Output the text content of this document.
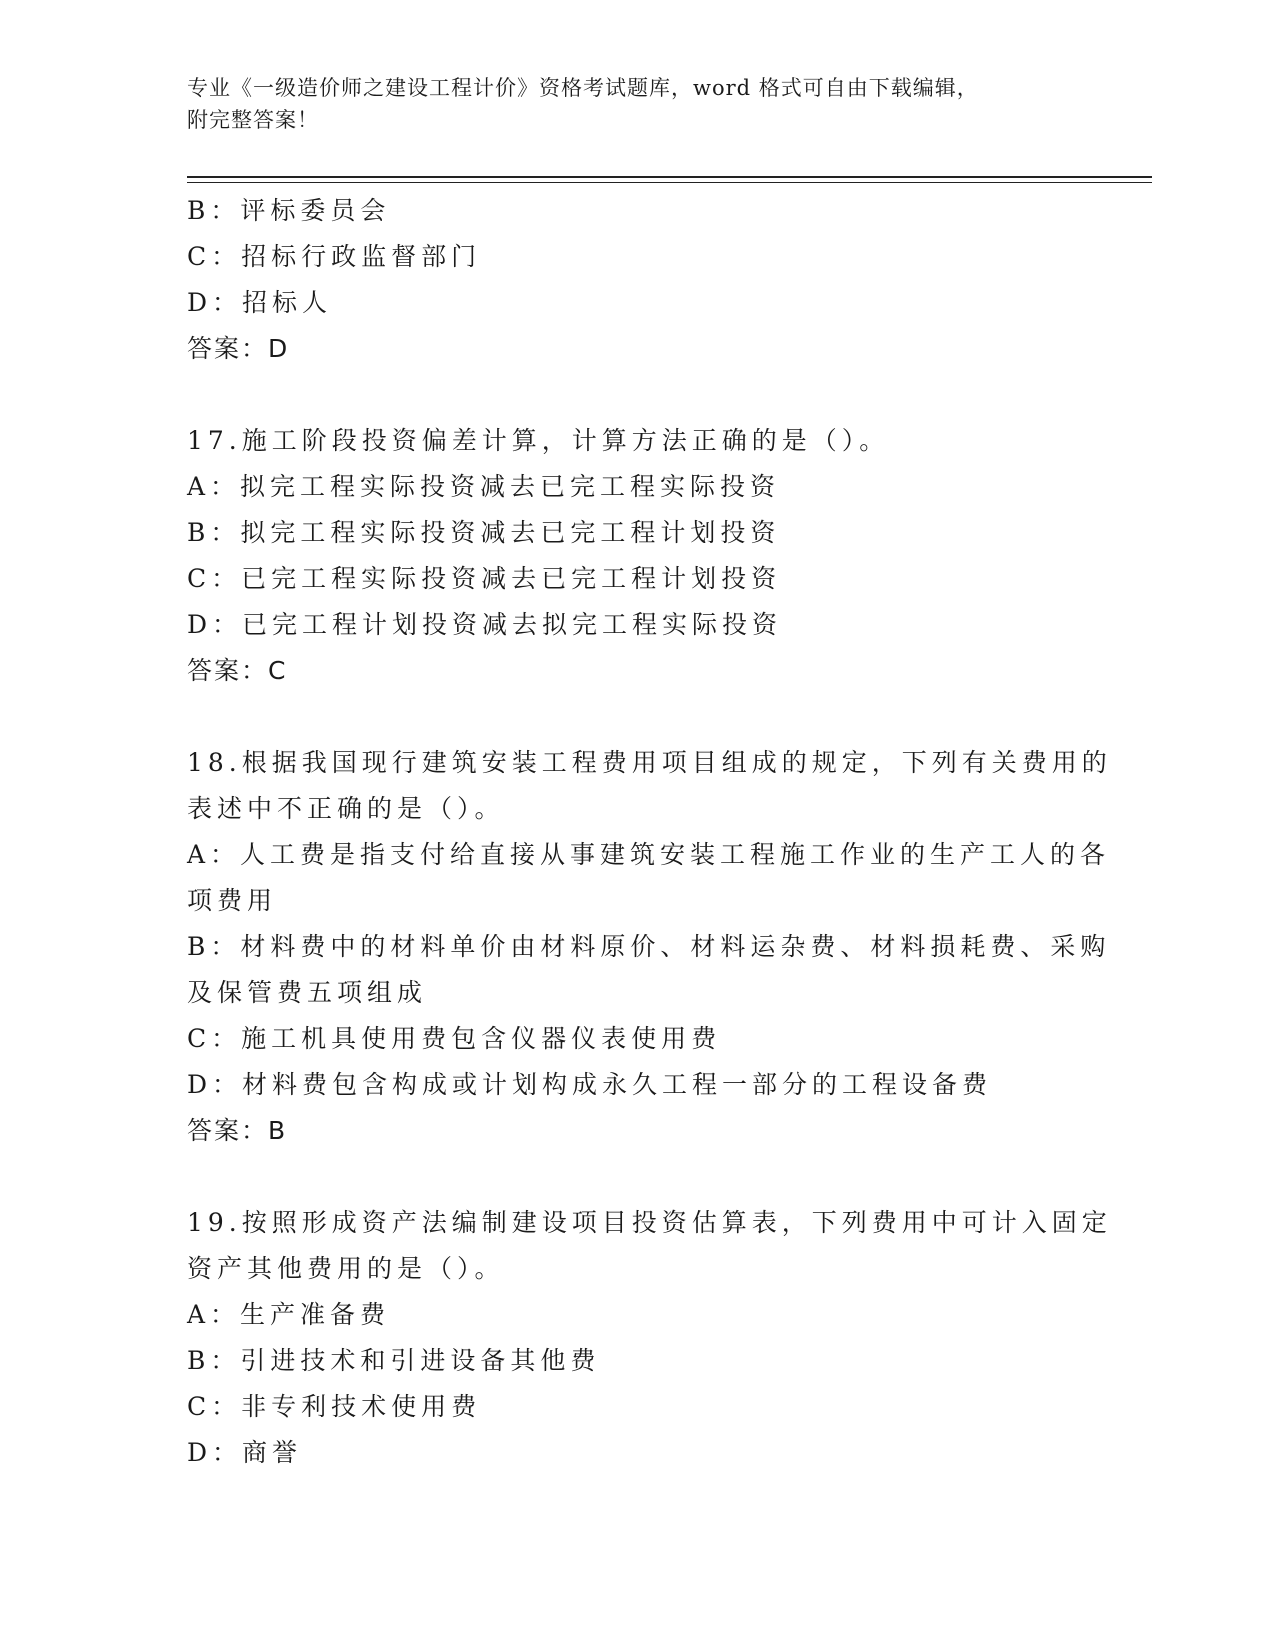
专业《一级造价师之建设工程计价》资格考试题库，word 格式可自由下载编辑，
附完整答案！
B：评标委员会
C：招标行政监督部门
D：招标人
答案：D
17.施工阶段投资偏差计算，计算方法正确的是（）。
A：拟完工程实际投资减去已完工程实际投资
B：拟完工程实际投资减去已完工程计划投资
C：已完工程实际投资减去已完工程计划投资
D：已完工程计划投资减去拟完工程实际投资
答案：C
18.根据我国现行建筑安装工程费用项目组成的规定，下列有关费用的
表述中不正确的是（）。
A：人工费是指支付给直接从事建筑安装工程施工作业的生产工人的各
项费用
B：材料费中的材料单价由材料原价、材料运杂费、材料损耗费、采购
及保管费五项组成
C：施工机具使用费包含仪器仪表使用费
D：材料费包含构成或计划构成永久工程一部分的工程设备费
答案：B
19.按照形成资产法编制建设项目投资估算表，下列费用中可计入固定
资产其他费用的是（）。
A：生产准备费
B：引进技术和引进设备其他费
C：非专利技术使用费
D：商誉
